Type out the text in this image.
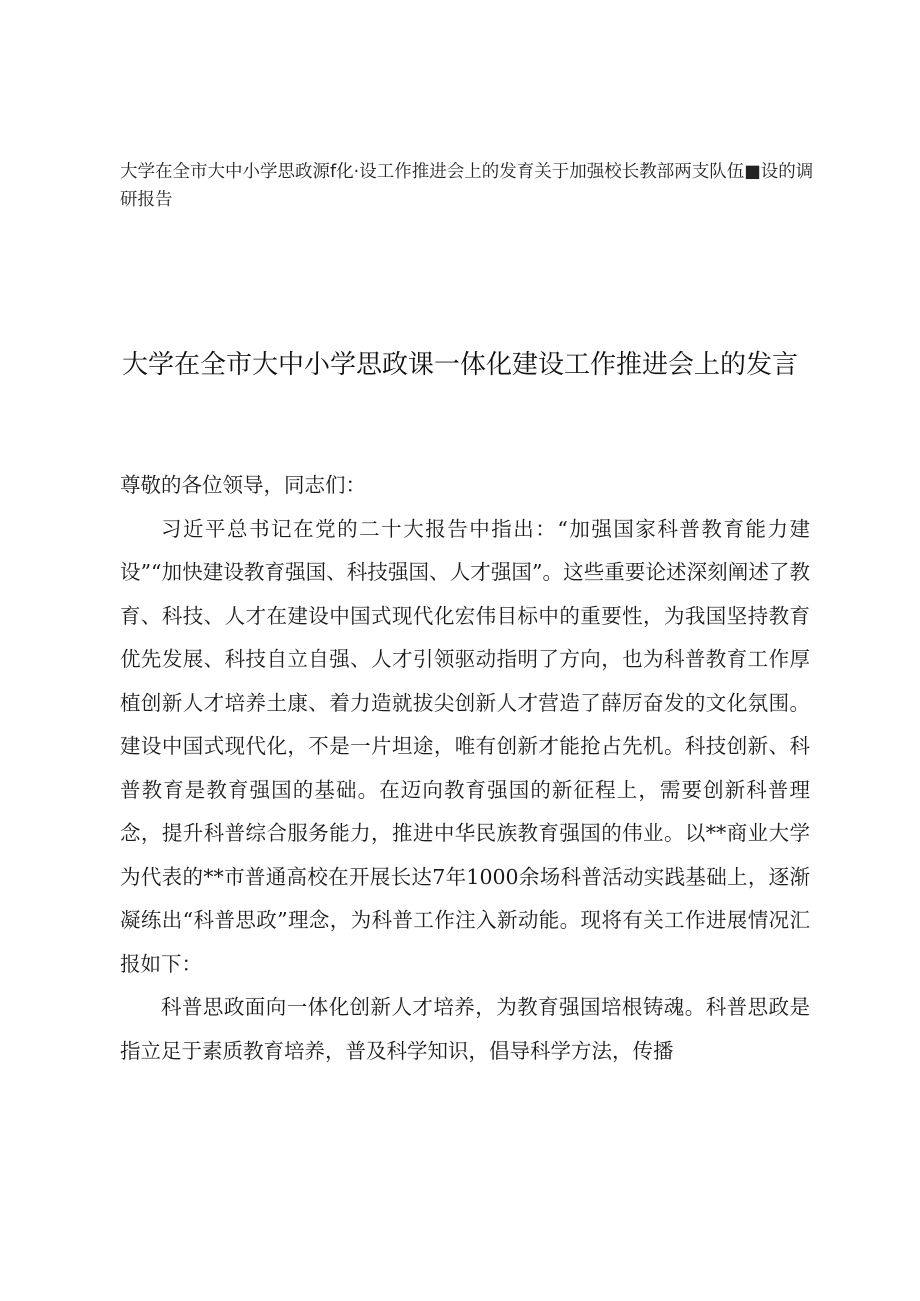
大学在全市大中小学思政源f化·设工作推进会上的发育关于加强校长教部两支队伍■设的调研报告
大学在全市大中小学思政课一体化建设工作推进会上的发言

尊敬的各位领导，同志们：

习近平总书记在党的二十大报告中指出：“加强国家科普教育能力建设”“加快建设教育强国、科技强国、人才强国”。这些重要论述深刻阐述了教育、科技、人才在建设中国式现代化宏伟目标中的重要性，为我国坚持教育优先发展、科技自立自强、人才引领驱动指明了方向，也为科普教育工作厚植创新人才培养土康、着力造就拔尖创新人才营造了薛厉奋发的文化氛围。建设中国式现代化，不是一片坦途，唯有创新才能抢占先机。科技创新、科普教育是教育强国的基础。在迈向教育强国的新征程上，需要创新科普理念，提升科普综合服务能力，推进中华民族教育强国的伟业。以**商业大学为代表的**市普通高校在开展长达7年1000余场科普活动实践基础上，逐渐凝练出“科普思政”理念，为科普工作注入新动能。现将有关工作进展情况汇报如下：

科普思政面向一体化创新人才培养，为教育强国培根铸魂。科普思政是指立足于素质教育培养，普及科学知识，倡导科学方法，传播
